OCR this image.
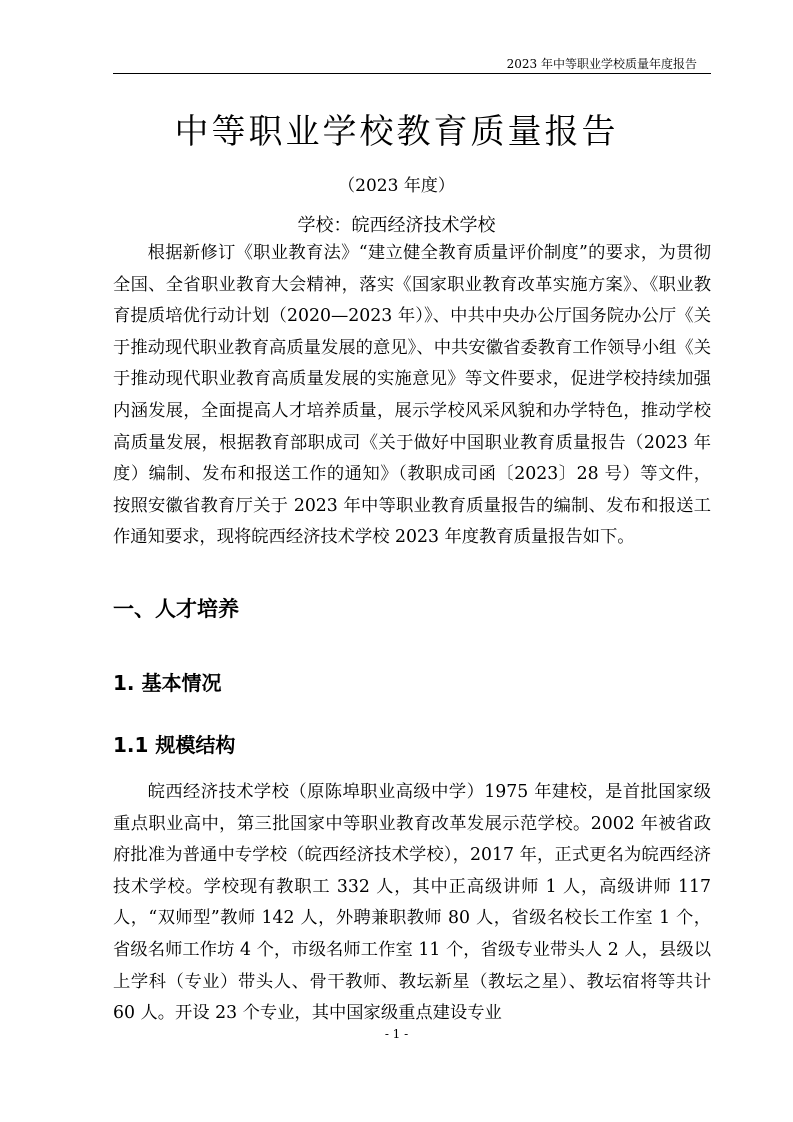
2023 年中等职业学校质量年度报告
中等职业学校教育质量报告
（2023 年度）
学校：皖西经济技术学校
根据新修订《职业教育法》“建立健全教育质量评价制度”的要求，为贯彻全国、全省职业教育大会精神，落实《国家职业教育改革实施方案》、《职业教育提质培优行动计划（2020—2023 年）》、中共中央办公厅国务院办公厅《关于推动现代职业教育高质量发展的意见》、中共安徽省委教育工作领导小组《关于推动现代职业教育高质量发展的实施意见》等文件要求，促进学校持续加强内涵发展，全面提高人才培养质量，展示学校风采风貌和办学特色，推动学校高质量发展，根据教育部职成司《关于做好中国职业教育质量报告（2023 年度）编制、发布和报送工作的通知》（教职成司函〔2023〕28 号）等文件，按照安徽省教育厅关于 2023 年中等职业教育质量报告的编制、发布和报送工作通知要求，现将皖西经济技术学校 2023 年度教育质量报告如下。
一、人才培养
1. 基本情况
1.1 规模结构
皖西经济技术学校（原陈埠职业高级中学）1975 年建校，是首批国家级重点职业高中，第三批国家中等职业教育改革发展示范学校。2002 年被省政府批准为普通中专学校（皖西经济技术学校），2017 年，正式更名为皖西经济技术学校。学校现有教职工 332 人，其中正高级讲师 1 人，高级讲师 117 人，“双师型”教师 142 人，外聘兼职教师 80 人，省级名校长工作室 1 个，省级名师工作坊 4 个，市级名师工作室 11 个，省级专业带头人 2 人，县级以上学科（专业）带头人、骨干教师、教坛新星（教坛之星）、教坛宿将等共计 60 人。开设 23 个专业，其中国家级重点建设专业
- 1 -
